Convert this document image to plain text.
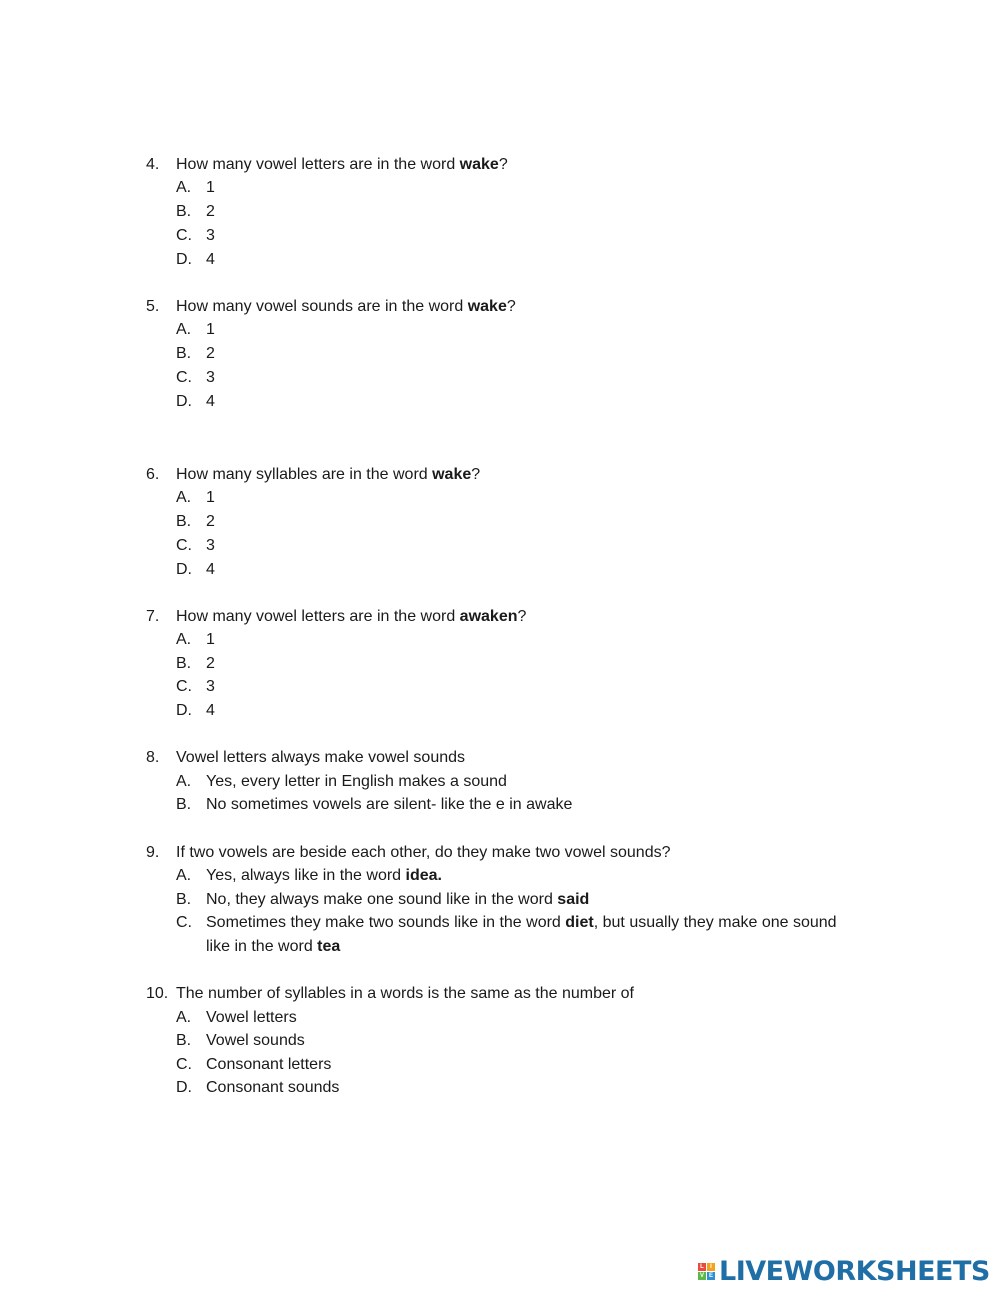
4. How many vowel letters are in the word wake?
A. 1
B. 2
C. 3
D. 4
5. How many vowel sounds are in the word wake?
A. 1
B. 2
C. 3
D. 4
6. How many syllables are in the word wake?
A. 1
B. 2
C. 3
D. 4
7. How many vowel letters are in the word awaken?
A. 1
B. 2
C. 3
D. 4
8. Vowel letters always make vowel sounds
A. Yes, every letter in English makes a sound
B. No sometimes vowels are silent- like the e in awake
9. If two vowels are beside each other, do they make two vowel sounds?
A. Yes, always like in the word idea.
B. No, they always make one sound like in the word said
C. Sometimes they make two sounds like in the word diet, but usually they make one sound
like in the word tea
10. The number of syllables in a words is the same as the number of
A. Vowel letters
B. Vowel sounds
C. Consonant letters
D. Consonant sounds
L	I
V E LIVEWORKSHEETS
